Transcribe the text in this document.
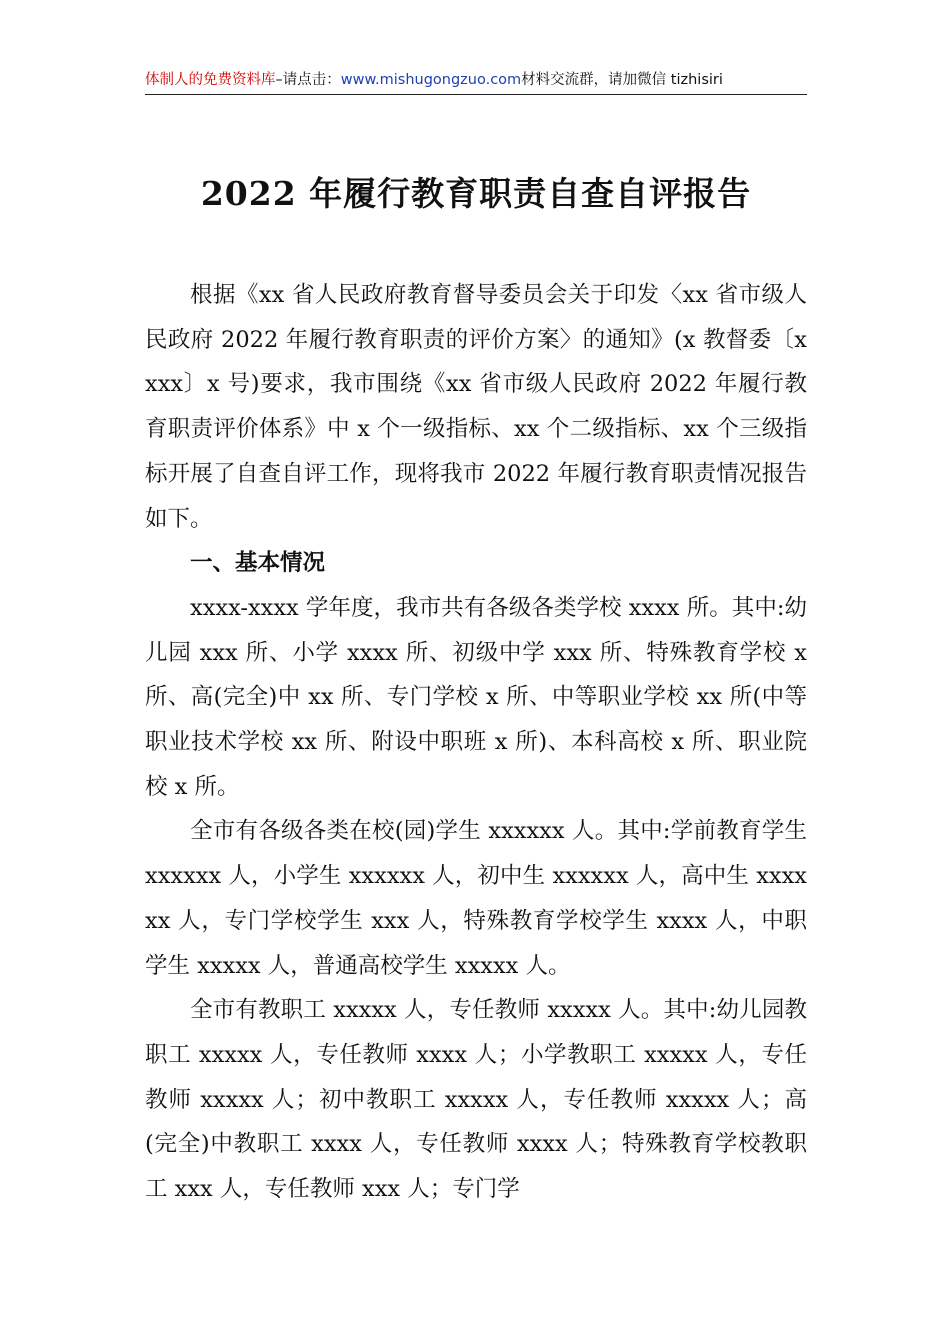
体制人的免费资料库–请点击：www.mishugongzuo.com材料交流群，请加微信 tizhisiri
2022 年履行教育职责自查自评报告

根据《xx 省人民政府教育督导委员会关于印发〈xx 省市级人民政府 2022 年履行教育职责的评价方案〉的通知》(x 教督委〔xxxx〕x 号)要求，我市围绕《xx 省市级人民政府 2022 年履行教育职责评价体系》中 x 个一级指标、xx 个二级指标、xx 个三级指标开展了自查自评工作，现将我市 2022 年履行教育职责情况报告如下。

一、基本情况

xxxx-xxxx 学年度，我市共有各级各类学校 xxxx 所。其中:幼儿园 xxx 所、小学 xxxx 所、初级中学 xxx 所、特殊教育学校 x 所、高(完全)中 xx 所、专门学校 x 所、中等职业学校 xx 所(中等职业技术学校 xx 所、附设中职班 x 所)、本科高校 x 所、职业院校 x 所。

全市有各级各类在校(园)学生 xxxxxx 人。其中:学前教育学生 xxxxxx 人，小学生 xxxxxx 人，初中生 xxxxxx 人，高中生 xxxxxx 人，专门学校学生 xxx 人，特殊教育学校学生 xxxx 人，中职学生 xxxxx 人，普通高校学生 xxxxx 人。

全市有教职工 xxxxx 人，专任教师 xxxxx 人。其中:幼儿园教职工 xxxxx 人，专任教师 xxxx 人；小学教职工 xxxxx 人，专任教师 xxxxx 人；初中教职工 xxxxx 人，专任教师 xxxxx 人；高(完全)中教职工 xxxx 人，专任教师 xxxx 人；特殊教育学校教职工 xxx 人，专任教师 xxx 人；专门学
